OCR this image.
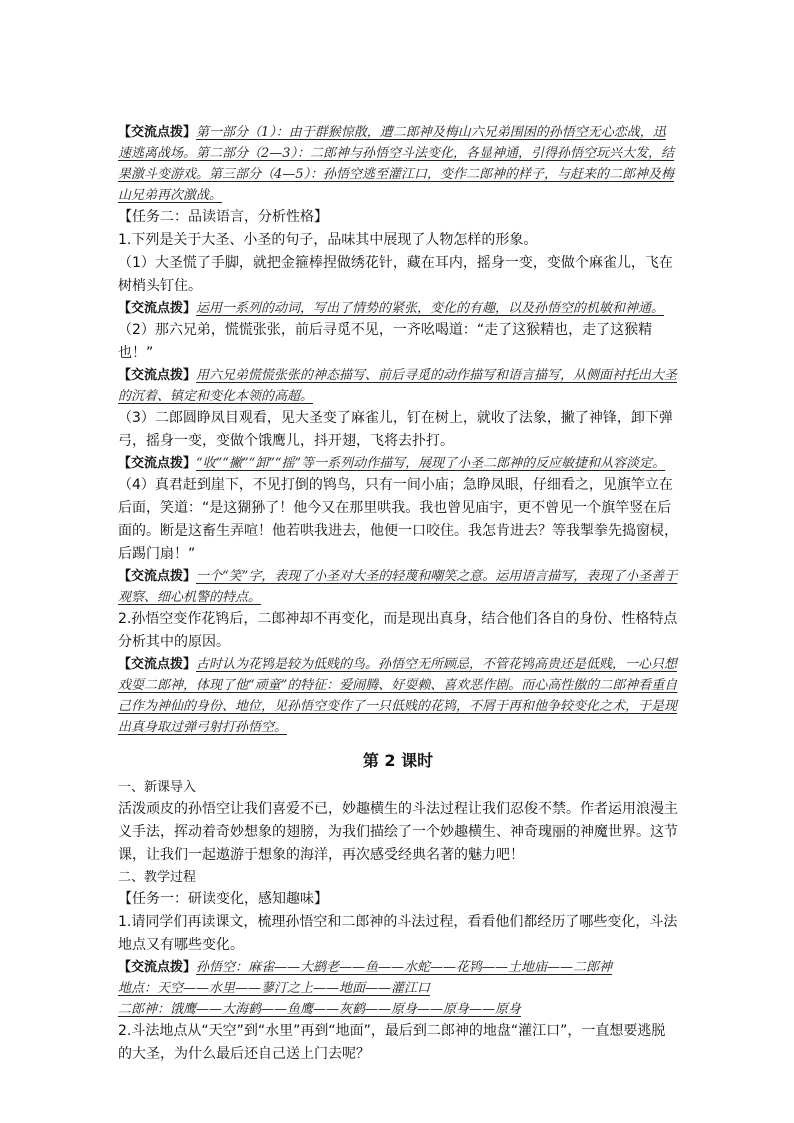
【交流点拨】第一部分（1）：由于群猴惊散，遭二郎神及梅山六兄弟围困的孙悟空无心恋战，迅速逃离战场。第二部分（2—3）：二郎神与孙悟空斗法变化，各显神通，引得孙悟空玩兴大发，结果激斗变游戏。第三部分（4—5）：孙悟空逃至灌江口，变作二郎神的样子，与赶来的二郎神及梅山兄弟再次激战。

【任务二：品读语言，分析性格】

1.下列是关于大圣、小圣的句子，品味其中展现了人物怎样的形象。

（1）大圣慌了手脚，就把金箍棒捏做绣花针，藏在耳内，摇身一变，变做个麻雀儿，飞在树梢头钉住。

【交流点拨】运用一系列的动词，写出了情势的紧张，变化的有趣，以及孙悟空的机敏和神通。

（2）那六兄弟，慌慌张张，前后寻觅不见，一齐吆喝道：“走了这猴精也，走了这猴精也！”

【交流点拨】用六兄弟慌慌张张的神态描写、前后寻觅的动作描写和语言描写，从侧面衬托出大圣的沉着、镇定和变化本领的高超。

（3）二郎圆睁凤目观看，见大圣变了麻雀儿，钉在树上，就收了法象，撇了神锋，卸下弹弓，摇身一变，变做个饿鹰儿，抖开翅，飞将去扑打。

【交流点拨】“收”“撇”“卸”“摇”等一系列动作描写，展现了小圣二郎神的反应敏捷和从容淡定。

（4）真君赶到崖下，不见打倒的鸨鸟，只有一间小庙；急睁凤眼，仔细看之，见旗竿立在后面，笑道：“是这猢狲了！他今又在那里哄我。我也曾见庙宇，更不曾见一个旗竿竖在后面的。断是这畜生弄喧！他若哄我进去，他便一口咬住。我怎肯进去？等我掣拳先捣窗棂，后踢门扇！”

【交流点拨】一个“笑”字，表现了小圣对大圣的轻蔑和嘲笑之意。运用语言描写，表现了小圣善于观察、细心机警的特点。

2.孙悟空变作花鸨后，二郎神却不再变化，而是现出真身，结合他们各自的身份、性格特点分析其中的原因。

【交流点拨】古时认为花鸨是较为低贱的鸟。孙悟空无所顾忌，不管花鸨高贵还是低贱，一心只想戏耍二郎神，体现了他“顽童”的特征：爱闹腾、好耍赖、喜欢恶作剧。而心高性傲的二郎神看重自己作为神仙的身份、地位，见孙悟空变作了一只低贱的花鸨，不屑于再和他争较变化之术，于是现出真身取过弹弓射打孙悟空。

第 2 课时

一、新课导入

活泼顽皮的孙悟空让我们喜爱不已，妙趣横生的斗法过程让我们忍俊不禁。作者运用浪漫主义手法，挥动着奇妙想象的翅膀，为我们描绘了一个妙趣横生、神奇瑰丽的神魔世界。这节课，让我们一起遨游于想象的海洋，再次感受经典名著的魅力吧！

二、教学过程

【任务一：研读变化，感知趣味】

1.请同学们再读课文，梳理孙悟空和二郎神的斗法过程，看看他们都经历了哪些变化，斗法地点又有哪些变化。

【交流点拨】孙悟空：麻雀——大鹚老——鱼——水蛇——花鸨——土地庙——二郎神

地点：天空——水里——蓼汀之上——地面——灌江口

二郎神：饿鹰——大海鹤——鱼鹰——灰鹤——原身——原身——原身

2.斗法地点从“天空”到“水里”再到“地面”，最后到二郎神的地盘“灌江口”，一直想要逃脱的大圣，为什么最后还自己送上门去呢？
